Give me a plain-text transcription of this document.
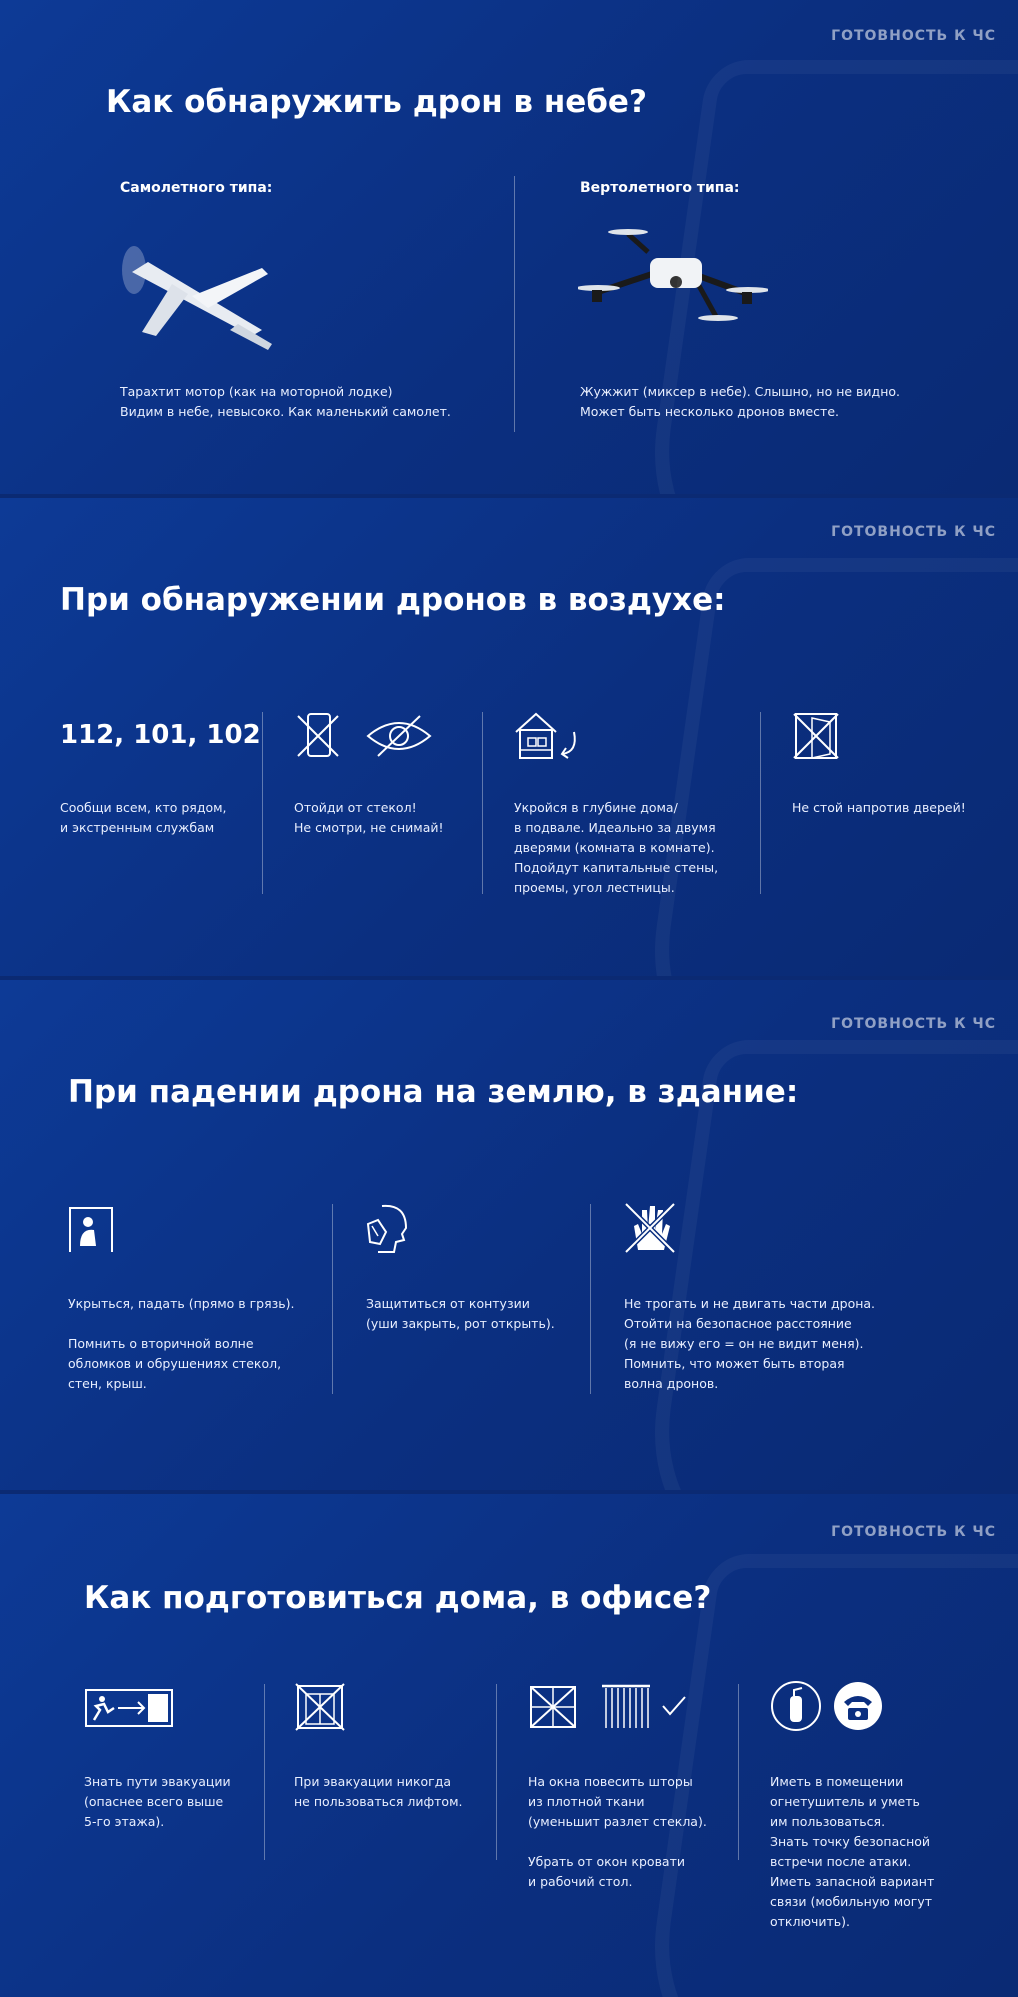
ГОТОВНОСТЬ К ЧС
Как обнаружить дрон в небе?
Самолетного типа:
Тарахтит мотор (как на моторной лодке)
Видим в небе, невысоко. Как маленький самолет.
Вертолетного типа:
Жужжит (миксер в небе). Слышно, но не видно.
Может быть несколько дронов вместе.
ГОТОВНОСТЬ К ЧС
При обнаружении дронов в воздухе:
112, 101, 102
Сообщи всем, кто рядом,
и экстренным службам
Отойди от стекол!
Не смотри, не снимай!
Укройся в глубине дома/
в подвале. Идеально за двумя
дверями (комната в комнате).
Подойдут капитальные стены,
проемы, угол лестницы.
Не стой напротив дверей!
ГОТОВНОСТЬ К ЧС
При падении дрона на землю, в здание:
Укрыться, падать (прямо в грязь).

Помнить о вторичной волне
обломков и обрушениях стекол,
стен, крыш.
Защититься от контузии
(уши закрыть, рот открыть).
Не трогать и не двигать части дрона.
Отойти на безопасное расстояние
(я не вижу его = он не видит меня).
Помнить, что может быть вторая
волна дронов.
ГОТОВНОСТЬ К ЧС
Как подготовиться дома, в офисе?
Знать пути эвакуации
(опаснее всего выше
5-го этажа).
При эвакуации никогда
не пользоваться лифтом.
На окна повесить шторы
из плотной ткани
(уменьшит разлет стекла).

Убрать от окон кровати
и рабочий стол.
Иметь в помещении
огнетушитель и уметь
им пользоваться.
Знать точку безопасной
встречи после атаки.
Иметь запасной вариант
связи (мобильную могут
отключить).
